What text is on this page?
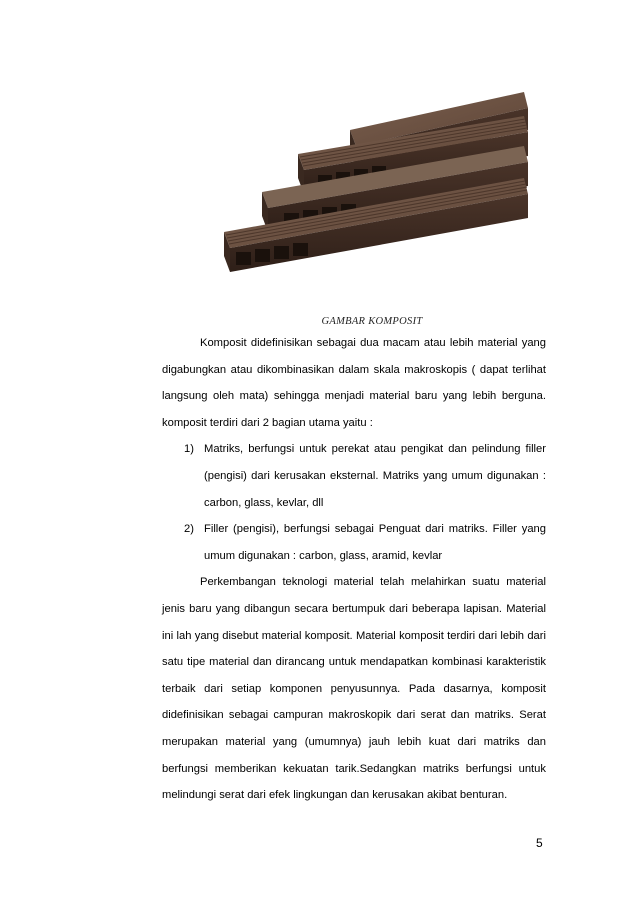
GAMBAR KOMPOSIT

Komposit didefinisikan sebagai dua macam atau lebih material yang digabungkan atau dikombinasikan dalam skala makroskopis ( dapat terlihat langsung oleh mata) sehingga menjadi material baru yang lebih berguna. komposit terdiri dari 2 bagian utama yaitu :

1) Matriks, berfungsi untuk perekat atau pengikat dan pelindung filler (pengisi) dari kerusakan eksternal. Matriks yang umum digunakan : carbon, glass, kevlar, dll
2) Filler (pengisi), berfungsi sebagai Penguat dari matriks. Filler yang umum digunakan : carbon, glass, aramid, kevlar

Perkembangan teknologi material telah melahirkan suatu material jenis baru yang dibangun secara bertumpuk dari beberapa lapisan. Material ini lah yang disebut material komposit. Material komposit terdiri dari lebih dari satu tipe material dan dirancang untuk mendapatkan kombinasi karakteristik terbaik dari setiap komponen penyusunnya. Pada dasarnya, komposit didefinisikan sebagai campuran makroskopik dari serat dan matriks. Serat merupakan material yang (umumnya) jauh lebih kuat dari matriks dan berfungsi memberikan kekuatan tarik.Sedangkan matriks berfungsi untuk melindungi serat dari efek lingkungan dan kerusakan akibat benturan.

5
